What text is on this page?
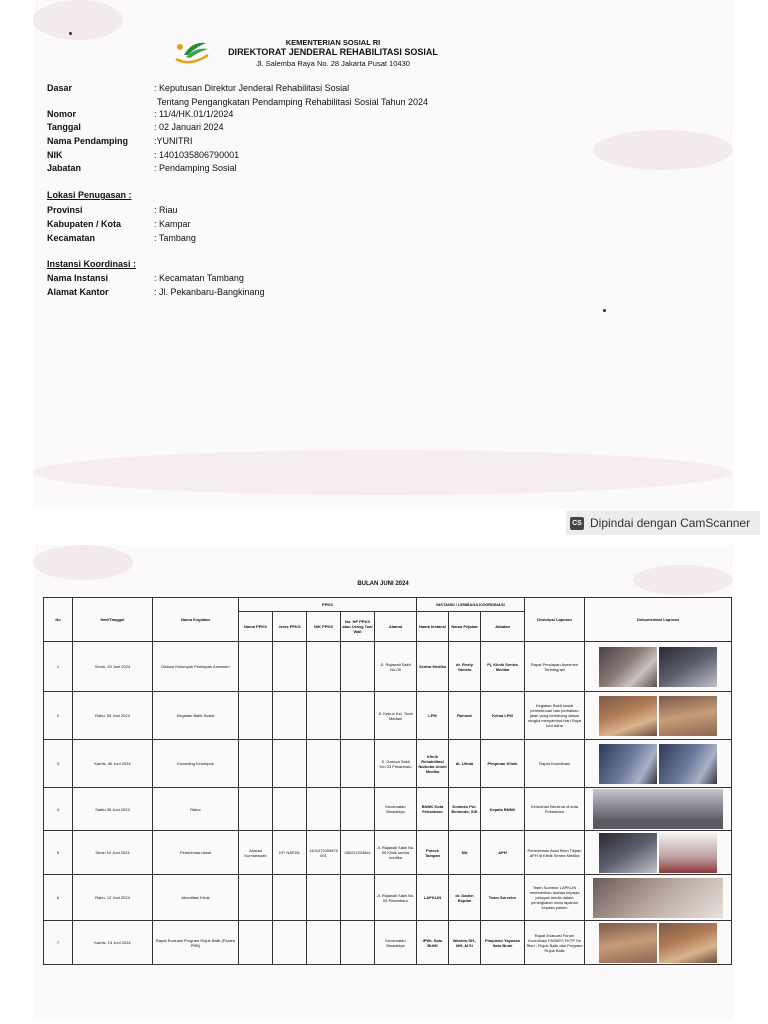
KEMENTERIAN SOSIAL RI
DIREKTORAT JENDERAL REHABILITASI SOSIAL
Jl. Salemba Raya No. 28 Jakarta Pusat 10430
Dasar	: Keputusan Direktur Jenderal Rehabilitasi Sosial
Tentang Pengangkatan Pendamping Rehabilitasi Sosial Tahun 2024
Nomor	: 11/4/HK.01/1/2024
Tanggal	: 02 Januari 2024
Nama Pendamping	:YUNITRI
NIK	: 1401035806790001
Jabatan	: Pendamping Sosial
Lokasi Penugasan :
Provinsi	: Riau
Kabupaten / Kota	: Kampar
Kecamatan	: Tambang
Instansi Koordinasi :
Nama Instansi	: Kecamatan Tambang
Alamat Kantor	: Jl. Pekanbaru-Bangkinang
CS Dipindai dengan CamScanner
BULAN JUNI 2024
No	Hari/Tanggal	Nama Kegiatan	PPKS					INSTANSI / LEMBAGA KOORDINASI			Deskripsi Laporan	Dokumentasi Laporan
			Nama PPKS	Jenis PPKS	NIK PPKS	No. HP PPKS atau Orang Tua/ Wali	Alamat	Nama Instansi	Nama Pejabat	Jabatan		
1	Senin, 03 Juni 2024	Diskusi Kelompok Perkiapan Asesmen					Jl. Rajawali Sakti No.05	Sentra Medika	dr. Resty Yamela	Pj. Klinik Sentra Medika	Rapat Persiapan Asesmen Terintegrasi	
2	Rabu, 05 Juni 2024	Kegiatan Bakti Sosial					Jl. Kebun Kel. Tuah Madani	LPM	Rahmat	Ketua LPM	Kegiatan Bakti sosial penimbunan dan perbaikan jalan yang berlobang dalam rangka menyambut Hari Raya Idul Adha	
3	Kamis, 06 Juni 2024	Konseling Kelompok					Jl. Garuda Sakti Km.03 Pekanbaru	Klinik Rehabilitasi Narkoba Ummi Medika	dr. Ulrida	Pimpinan Klinik	Rapat Koordinasi	
4	Sabtu 08 Juni 2024	Rakor					Kecamatan Binawidya	BNNK Kota Pekanbaru	Kombes Pol. Berlando, SIK	Kepala BNNK	Kelurahan Bersinar di kota Pekanbaru	
5	Senin 10 Juni 2024	Penerimaan Awal	Ahmad Kurniansyah	KP. NAPZA	1401072005870001	0852112038xx	Jl. Rajawali Sakti No. 05 Klinik sentra medika	Polsek Tampan	NN	APH	Penerimaan Awal Klien Titipan APH di Klinik Sentra Medika	
6	Rabu, 12 Juni 2024	Akreditasi Klinik					Jl. Rajawali Sakti No. 05 Pekanbaru	LAPKLIN	dr. Daden Ropian	Team Surveior	Team Surveior LAPKLIN memberikan arahan kepada petugas medis dalam peningkatan mutu layanan kepada pasien	
7	Kamis, 13 Juni 2024	Rapat Evaluasi Program Rujuk Balik (Pasien PRB)					Kecamatan Binawidya	IPWL Satu BUMI	Wanton,SH., MH.,M.Si	Pimpinan Yayasan Satu Bumi	Rapat Evaluasi Forum Koordinasi FASKES FKTP Se Riau - Rujuk Balik dan Program Rujuk Balik	
